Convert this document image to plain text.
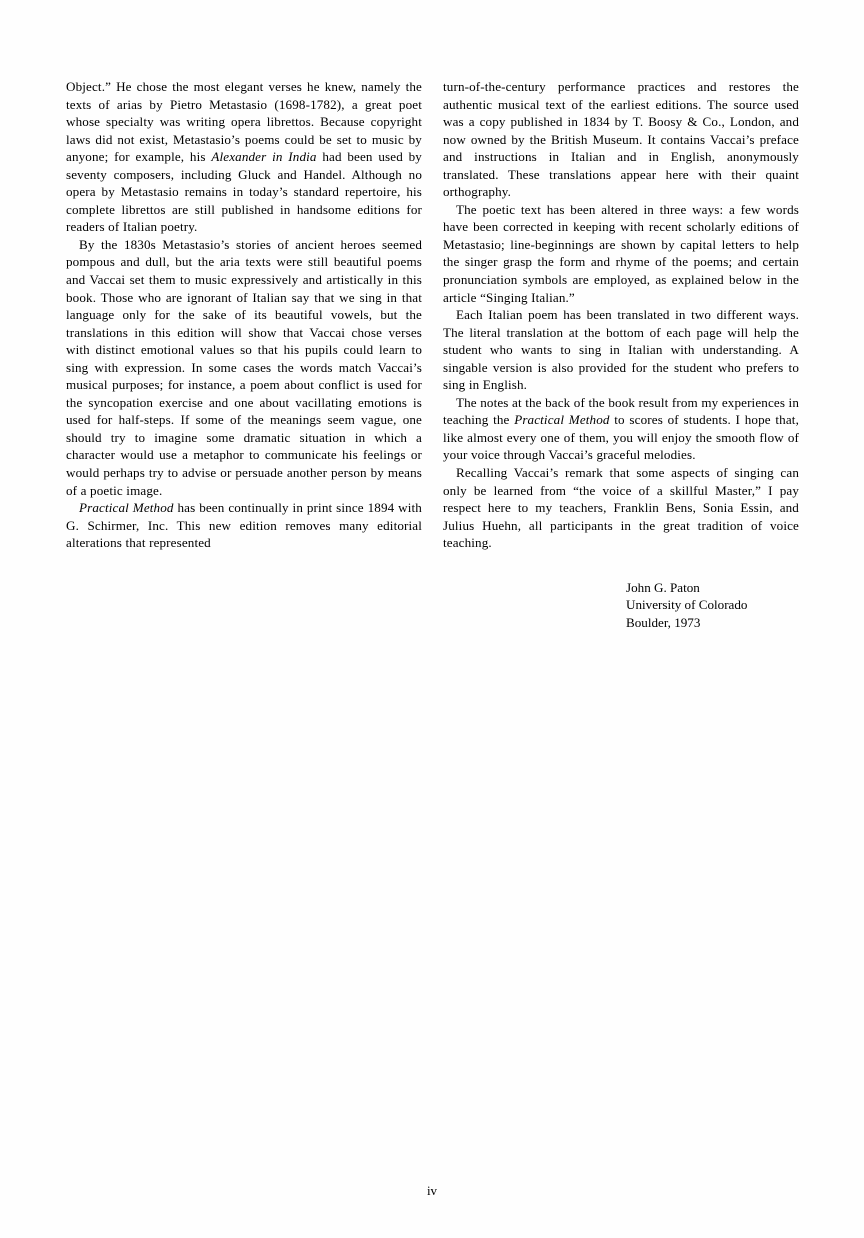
Object.” He chose the most elegant verses he knew, namely the texts of arias by Pietro Metastasio (1698-1782), a great poet whose specialty was writing opera librettos. Because copyright laws did not exist, Metastasio’s poems could be set to music by anyone; for example, his Alexander in India had been used by seventy composers, including Gluck and Handel. Although no opera by Metastasio remains in today’s standard repertoire, his complete librettos are still published in handsome editions for readers of Italian poetry.

By the 1830s Metastasio’s stories of ancient heroes seemed pompous and dull, but the aria texts were still beautiful poems and Vaccai set them to music expressively and artistically in this book. Those who are ignorant of Italian say that we sing in that language only for the sake of its beautiful vowels, but the translations in this edition will show that Vaccai chose verses with distinct emotional values so that his pupils could learn to sing with expression. In some cases the words match Vaccai’s musical purposes; for instance, a poem about conflict is used for the syncopation exercise and one about vacillating emotions is used for half-steps. If some of the meanings seem vague, one should try to imagine some dramatic situation in which a character would use a metaphor to communicate his feelings or would perhaps try to advise or persuade another person by means of a poetic image.

Practical Method has been continually in print since 1894 with G. Schirmer, Inc. This new edition removes many editorial alterations that represented

turn-of-the-century performance practices and restores the authentic musical text of the earliest editions. The source used was a copy published in 1834 by T. Boosy & Co., London, and now owned by the British Museum. It contains Vaccai’s preface and instructions in Italian and in English, anonymously translated. These translations appear here with their quaint orthography.

The poetic text has been altered in three ways: a few words have been corrected in keeping with recent scholarly editions of Metastasio; line-beginnings are shown by capital letters to help the singer grasp the form and rhyme of the poems; and certain pronunciation symbols are employed, as explained below in the article “Singing Italian.”

Each Italian poem has been translated in two different ways. The literal translation at the bottom of each page will help the student who wants to sing in Italian with understanding. A singable version is also provided for the student who prefers to sing in English.

The notes at the back of the book result from my experiences in teaching the Practical Method to scores of students. I hope that, like almost every one of them, you will enjoy the smooth flow of your voice through Vaccai’s graceful melodies.

Recalling Vaccai’s remark that some aspects of singing can only be learned from “the voice of a skillful Master,” I pay respect here to my teachers, Franklin Bens, Sonia Essin, and Julius Huehn, all participants in the great tradition of voice teaching.

John G. Paton
University of Colorado
Boulder, 1973
iv
